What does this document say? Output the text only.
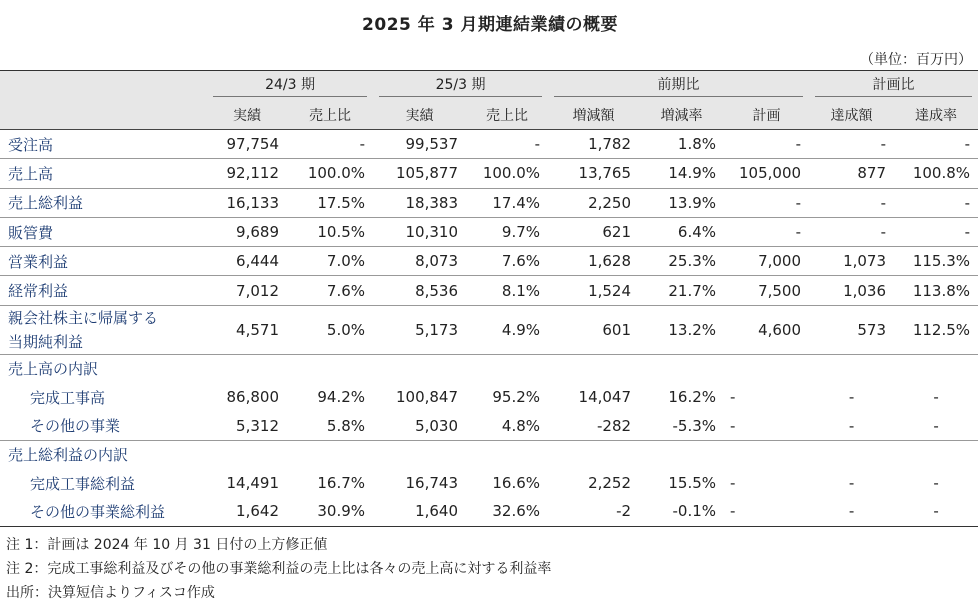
2025 年 3 月期連結業績の概要
（単位：百万円）

	24/3 期		25/3 期		前期比			計画比	

	実績	売上比	実績	売上比	増減額	増減率	計画	達成額	達成率
受注高	97,754	-	99,537	-	1,782	1.8%	-	-	-
売上高	92,112	100.0%	105,877	100.0%	13,765	14.9%	105,000	877	100.8%
売上総利益	16,133	17.5%	18,383	17.4%	2,250	13.9%	-	-	-
販管費	9,689	10.5%	10,310	9.7%	621	6.4%	-	-	-
営業利益	6,444	7.0%	8,073	7.6%	1,628	25.3%	7,000	1,073	115.3%
経常利益	7,012	7.6%	8,536	8.1%	1,524	21.7%	7,500	1,036	113.8%

親会社株主に帰属する
当期純利益	4,571	5.0%	5,173	4.9%	601	13.2%	4,600	573	112.5%
売上高の内訳									
完成工事高	86,800	94.2%	100,847	95.2%	14,047	16.2%	-	-	-
その他の事業	5,312	5.8%	5,030	4.8%	-282	-5.3%	-	-	-
売上総利益の内訳									
完成工事総利益	14,491	16.7%	16,743	16.6%	2,252	15.5%	-	-	-
その他の事業総利益	1,642	30.9%	1,640	32.6%	-2	-0.1%	-	-	-
注 1：計画は 2024 年 10 月 31 日付の上方修正値
注 2：完成工事総利益及びその他の事業総利益の売上比は各々の売上高に対する利益率
出所：決算短信よりフィスコ作成
